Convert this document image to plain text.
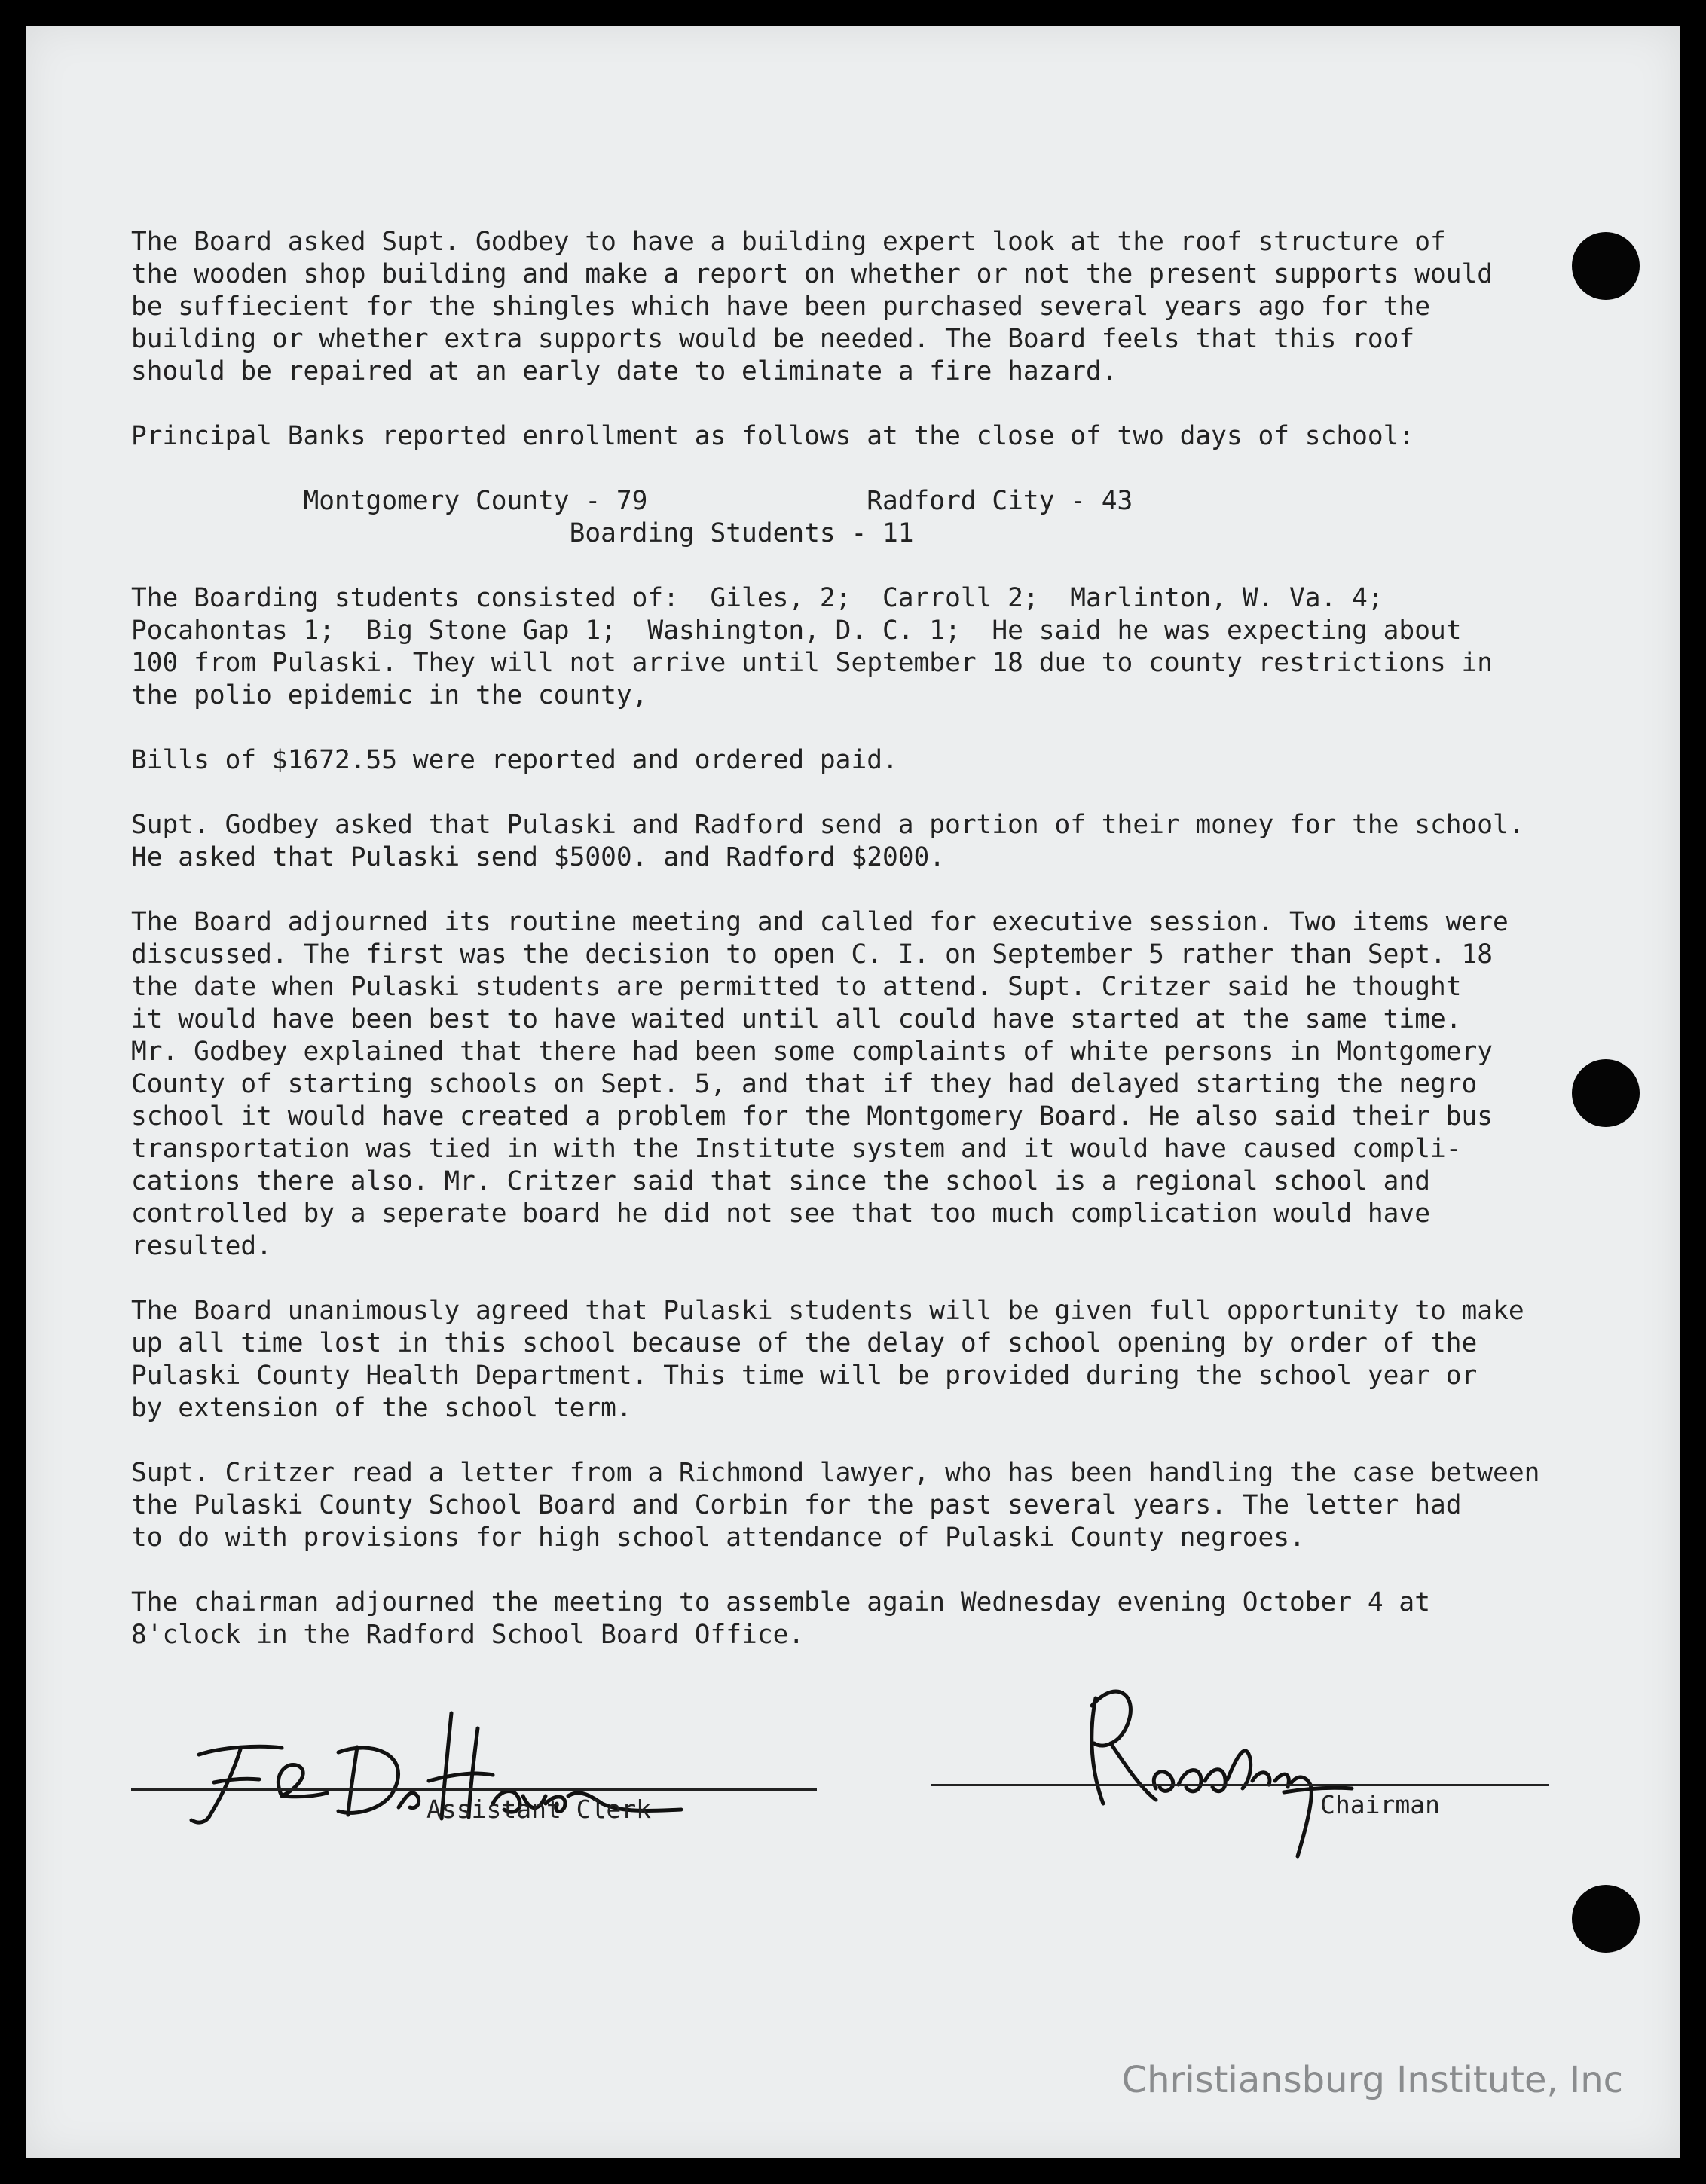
The Board asked Supt. Godbey to have a building expert look at the roof structure of
the wooden shop building and make a report on whether or not the present supports would
be suffiecient for the shingles which have been purchased several years ago for the
building or whether extra supports would be needed. The Board feels that this roof
should be repaired at an early date to eliminate a fire hazard.
Principal Banks reported enrollment as follows at the close of two days of school:
Montgomery County - 79              Radford City - 43
Boarding Students - 11
The Boarding students consisted of:  Giles, 2;  Carroll 2;  Marlinton, W. Va. 4;
Pocahontas 1;  Big Stone Gap 1;  Washington, D. C. 1;  He said he was expecting about
100 from Pulaski. They will not arrive until September 18 due to county restrictions in
the polio epidemic in the county,
Bills of $1672.55 were reported and ordered paid.
Supt. Godbey asked that Pulaski and Radford send a portion of their money for the school.
He asked that Pulaski send $5000. and Radford $2000.
The Board adjourned its routine meeting and called for executive session. Two items were
discussed. The first was the decision to open C. I. on September 5 rather than Sept. 18
the date when Pulaski students are permitted to attend. Supt. Critzer said he thought
it would have been best to have waited until all could have started at the same time.
Mr. Godbey explained that there had been some complaints of white persons in Montgomery
County of starting schools on Sept. 5, and that if they had delayed starting the negro
school it would have created a problem for the Montgomery Board. He also said their bus
transportation was tied in with the Institute system and it would have caused compli-
cations there also. Mr. Critzer said that since the school is a regional school and
controlled by a seperate board he did not see that too much complication would have
resulted.
The Board unanimously agreed that Pulaski students will be given full opportunity to make
up all time lost in this school because of the delay of school opening by order of the
Pulaski County Health Department. This time will be provided during the school year or
by extension of the school term.
Supt. Critzer read a letter from a Richmond lawyer, who has been handling the case between
the Pulaski County School Board and Corbin for the past several years. The letter had
to do with provisions for high school attendance of Pulaski County negroes.
The chairman adjourned the meeting to assemble again Wednesday evening October 4 at
8'clock in the Radford School Board Office.
Assistant Clerk	Chairman
Christiansburg Institute, Inc
